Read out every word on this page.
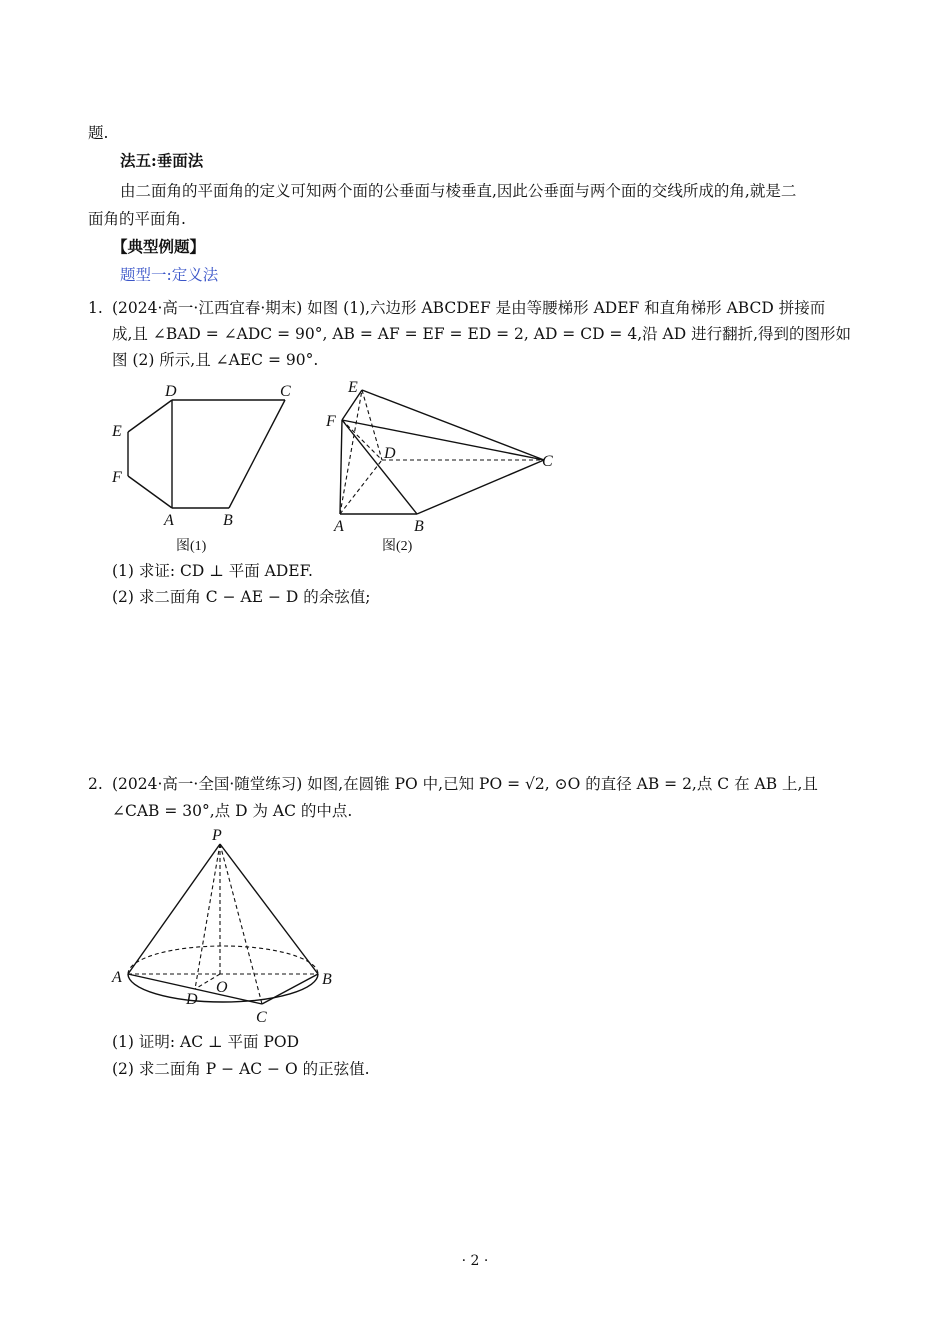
题.
法五:垂面法
由二面角的平面角的定义可知两个面的公垂面与棱垂直,因此公垂面与两个面的交线所成的角,就是二
面角的平面角.
【典型例题】
题型一:定义法
1. (2024·高一·江西宜春·期末) 如图 (1),六边形 ABCDEF 是由等腰梯形 ADEF 和直角梯形 ABCD 拼接而
成,且 ∠BAD = ∠ADC = 90°, AB = AF = EF = ED = 2, AD = CD = 4,沿 AD 进行翻折,得到的图形如
图 (2) 所示,且 ∠AEC = 90°.
D	C
E
F
A	B
图(1)
E
F
D	C
A	B
图(2)
(1) 求证: CD ⊥ 平面 ADEF.
(2) 求二面角 C − AE − D 的余弦值;
2. (2024·高一·全国·随堂练习) 如图,在圆锥 PO 中,已知 PO = √2, ⊙O 的直径 AB = 2,点 C 在 AB 上,且
∠CAB = 30°,点 D 为 AC 的中点.
P
A	B
O
D
C
(1) 证明: AC ⊥ 平面 POD
(2) 求二面角 P − AC − O 的正弦值.
· 2 ·
